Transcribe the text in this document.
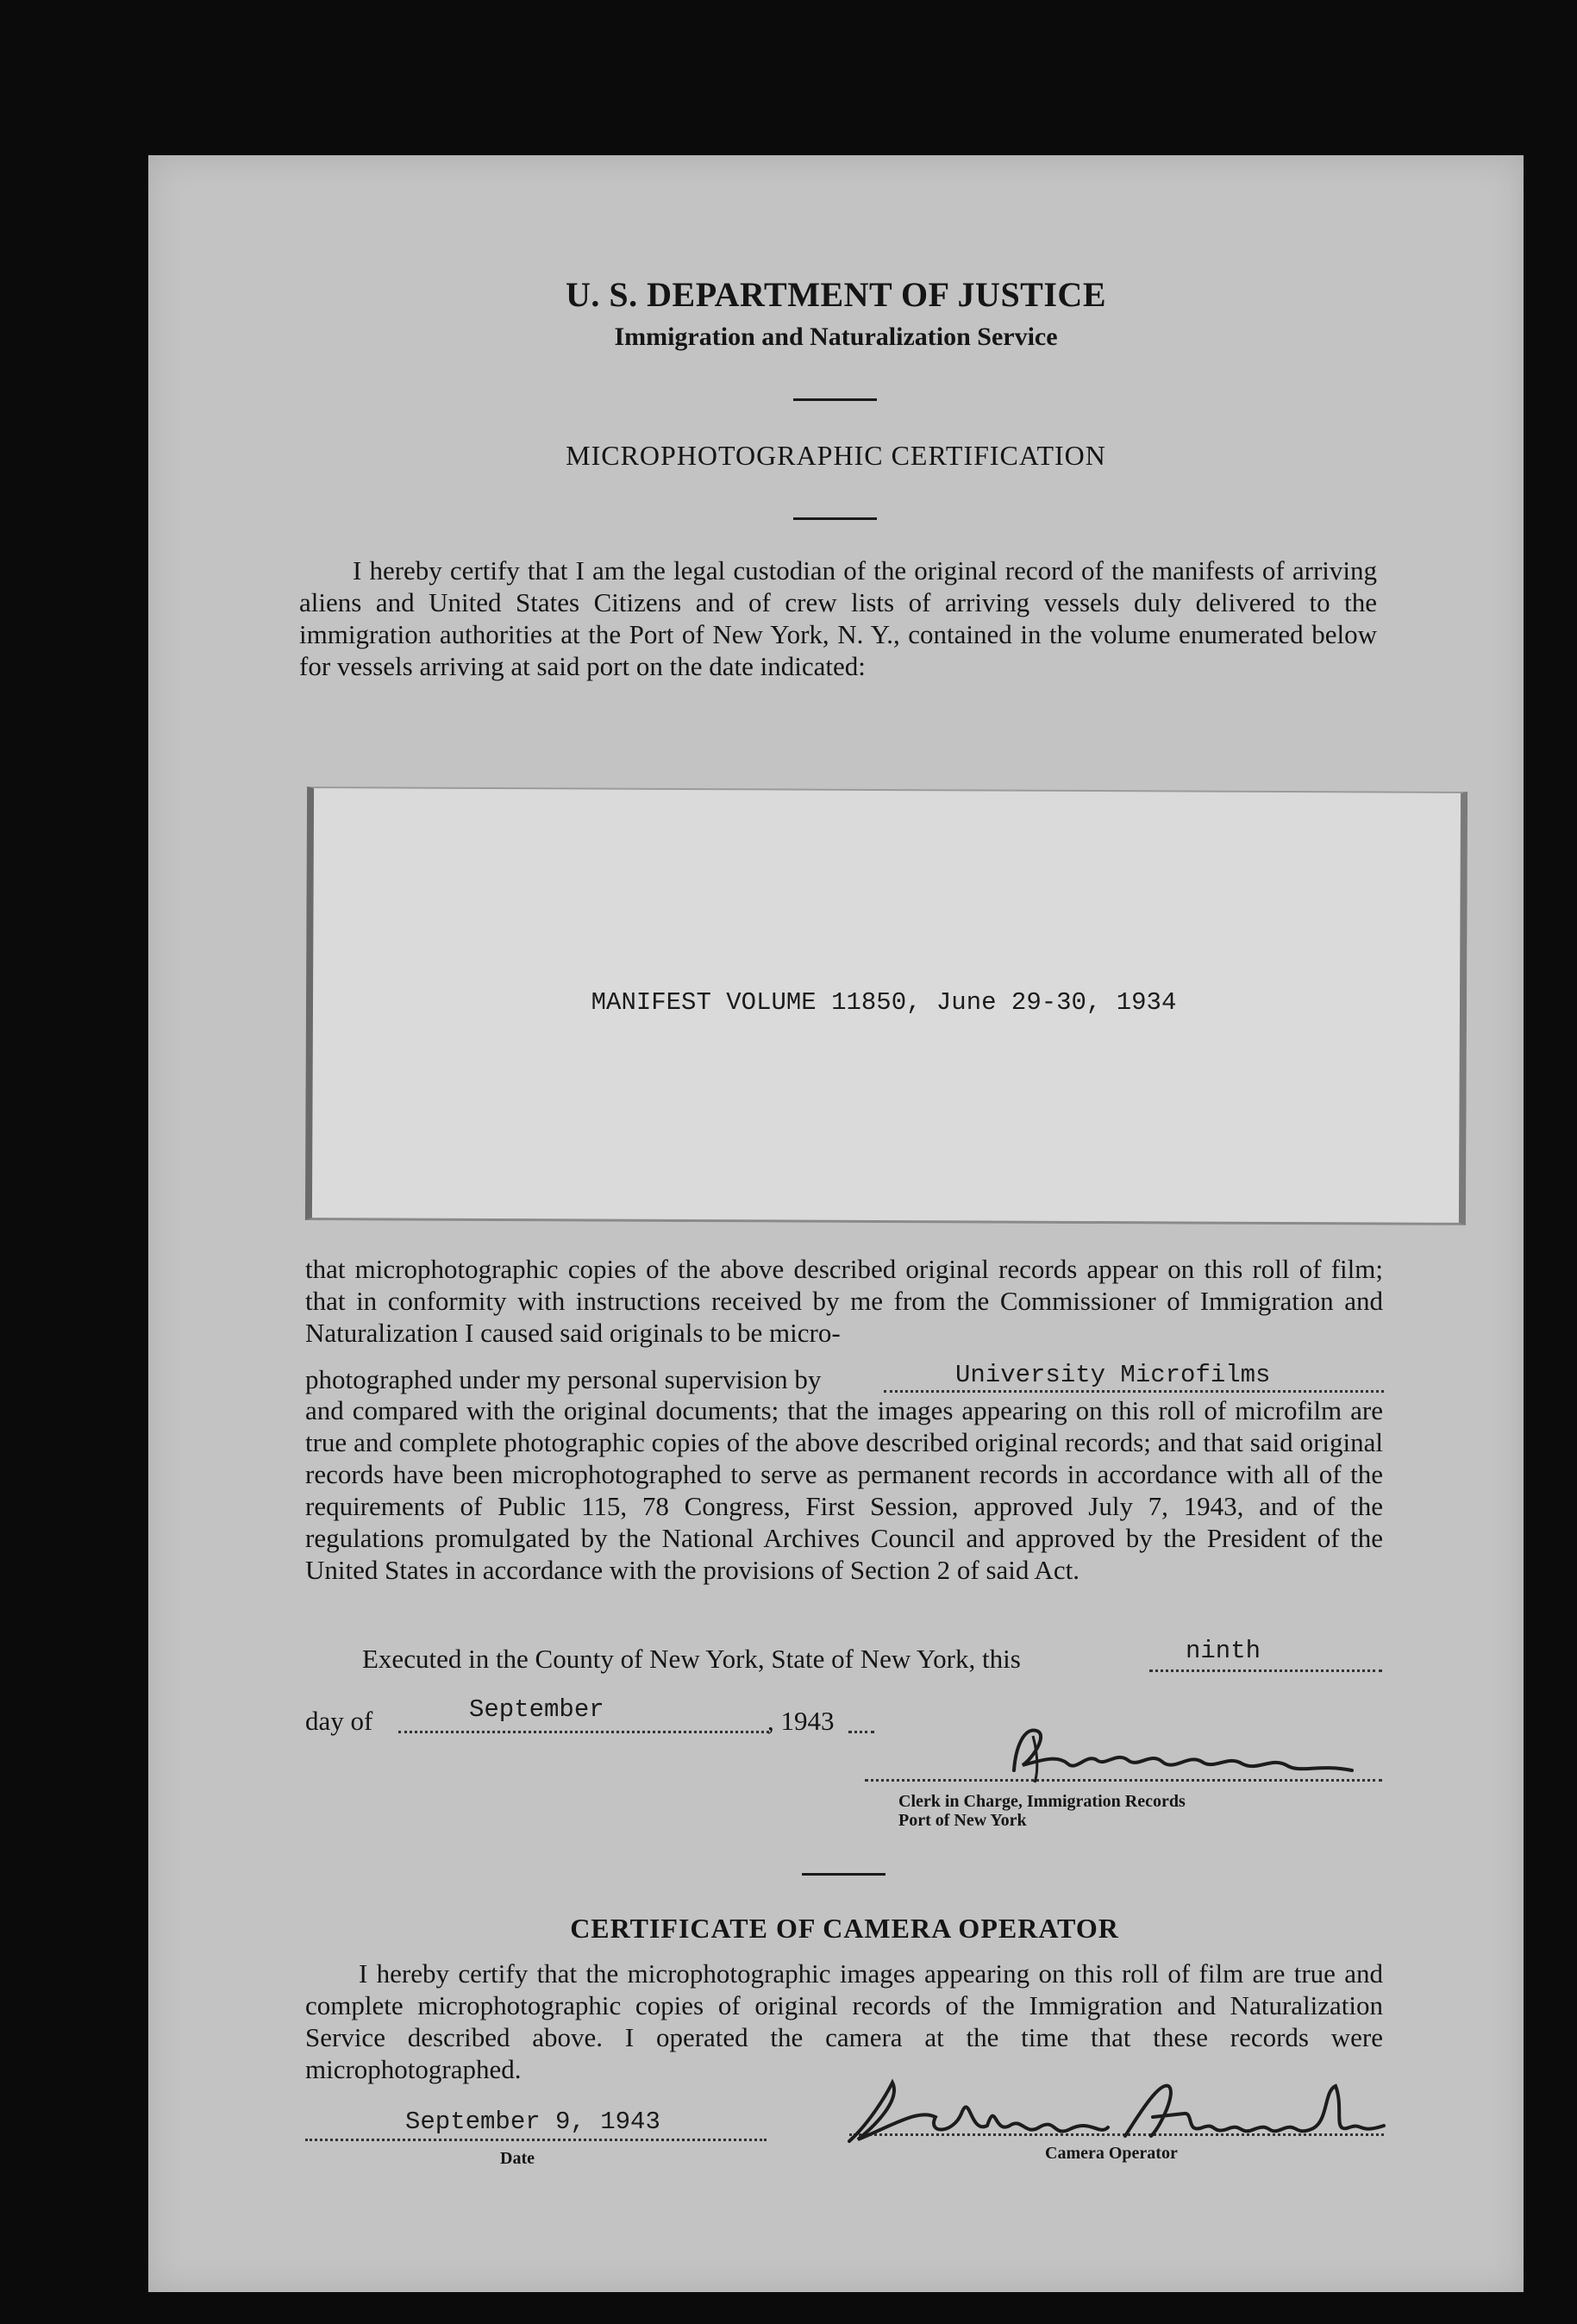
U. S. DEPARTMENT OF JUSTICE
Immigration and Naturalization Service
MICROPHOTOGRAPHIC CERTIFICATION
I hereby certify that I am the legal custodian of the original record of the manifests of arriving aliens and United States Citizens and of crew lists of arriving vessels duly delivered to the immigration authorities at the Port of New York, N. Y., contained in the volume enumerated below for vessels arriving at said port on the date indicated:
MANIFEST VOLUME 11850, June 29-30, 1934
that microphotographic copies of the above described original records appear on this roll of film; that in conformity with instructions received by me from the Commissioner of Immigration and Naturalization I caused said originals to be micro-
photographed under my personal supervision by	University Microfilms
and compared with the original documents; that the images appearing on this roll of microfilm are true and complete photographic copies of the above described original records; and that said original records have been microphotographed to serve as permanent records in accordance with all of the requirements of Public 115, 78 Congress, First Session, approved July 7, 1943, and of the regulations promulgated by the National Archives Council and approved by the President of the United States in accordance with the provisions of Section 2 of said Act.
Executed in the County of New York, State of New York, this	ninth
day of	September	, 1943
Clerk in Charge, Immigration Records
Port of New York
CERTIFICATE OF CAMERA OPERATOR
I hereby certify that the microphotographic images appearing on this roll of film are true and complete microphotographic copies of original records of the Immigration and Naturalization Service described above. I operated the camera at the time that these records were microphotographed.
September 9, 1943
Date	Camera Operator
